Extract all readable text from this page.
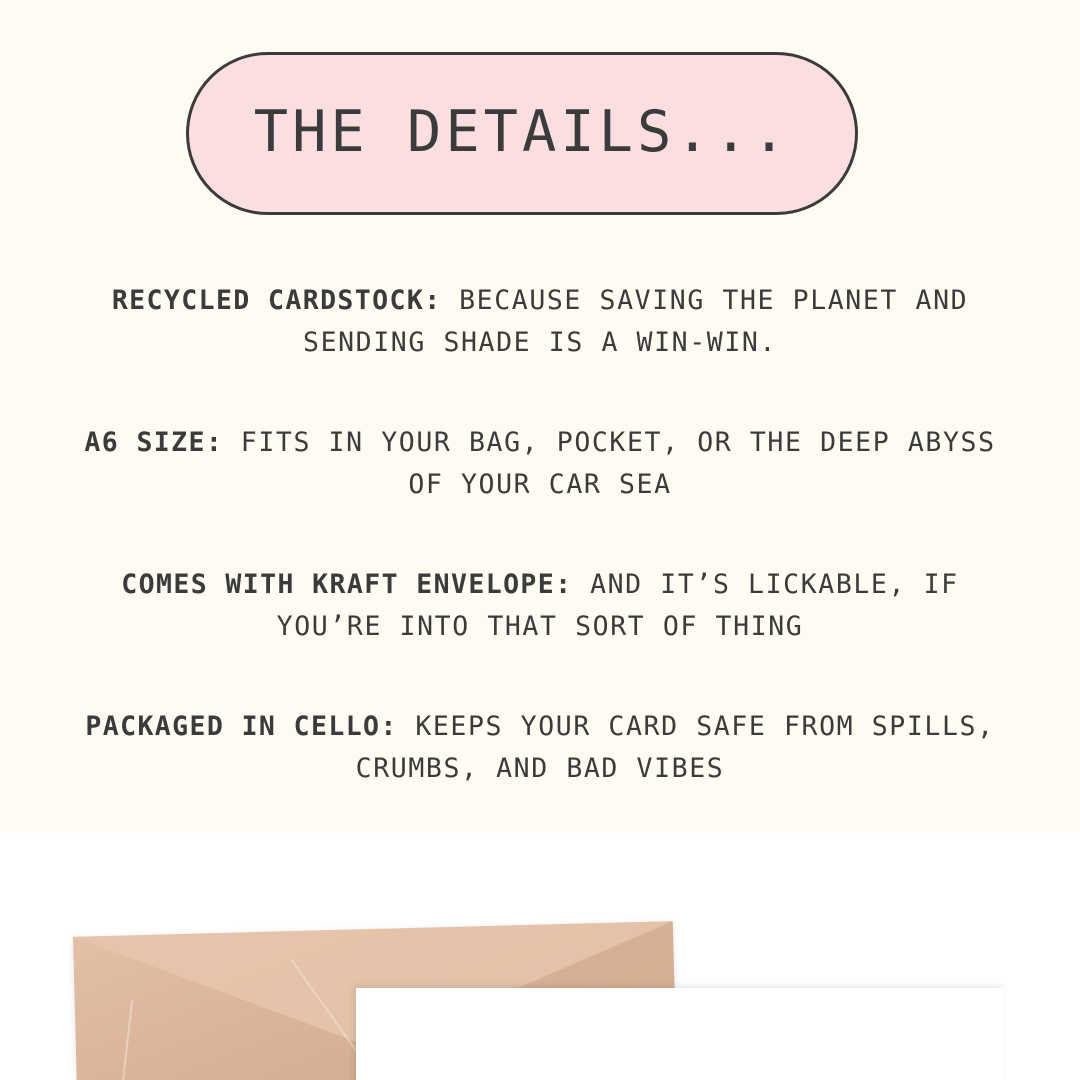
THE DETAILS...
RECYCLED CARDSTOCK: BECAUSE SAVING THE PLANET AND SENDING SHADE IS A WIN-WIN.
A6 SIZE: FITS IN YOUR BAG, POCKET, OR THE DEEP ABYSS OF YOUR CAR SEA
COMES WITH KRAFT ENVELOPE: AND IT’S LICKABLE, IF YOU’RE INTO THAT SORT OF THING
PACKAGED IN CELLO: KEEPS YOUR CARD SAFE FROM SPILLS, CRUMBS, AND BAD VIBES
